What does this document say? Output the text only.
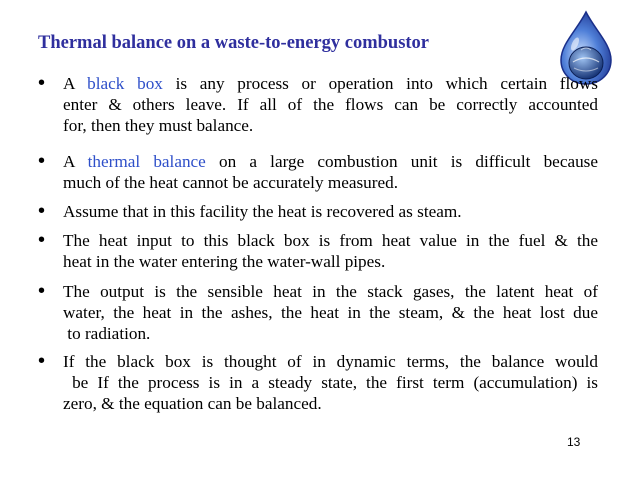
Thermal balance on a waste-to-energy combustor
• A black box is any process or operation into which certain flows
enter & others leave. If all of the flows can be correctly accounted
for, then they must balance.
• A thermal balance on a large combustion unit is difficult because
much of the heat cannot be accurately measured.
• Assume that in this facility the heat is recovered as steam.
• The heat input to this black box is from heat value in the fuel & the
heat in the water entering the water-wall pipes.
• The output is the sensible heat in the stack gases, the latent heat of
water, the heat in the ashes, the heat in the steam, & the heat lost due
to radiation.
• If the black box is thought of in dynamic terms, the balance would
be If the process is in a steady state, the first term (accumulation) is
zero, & the equation can be balanced.
13
